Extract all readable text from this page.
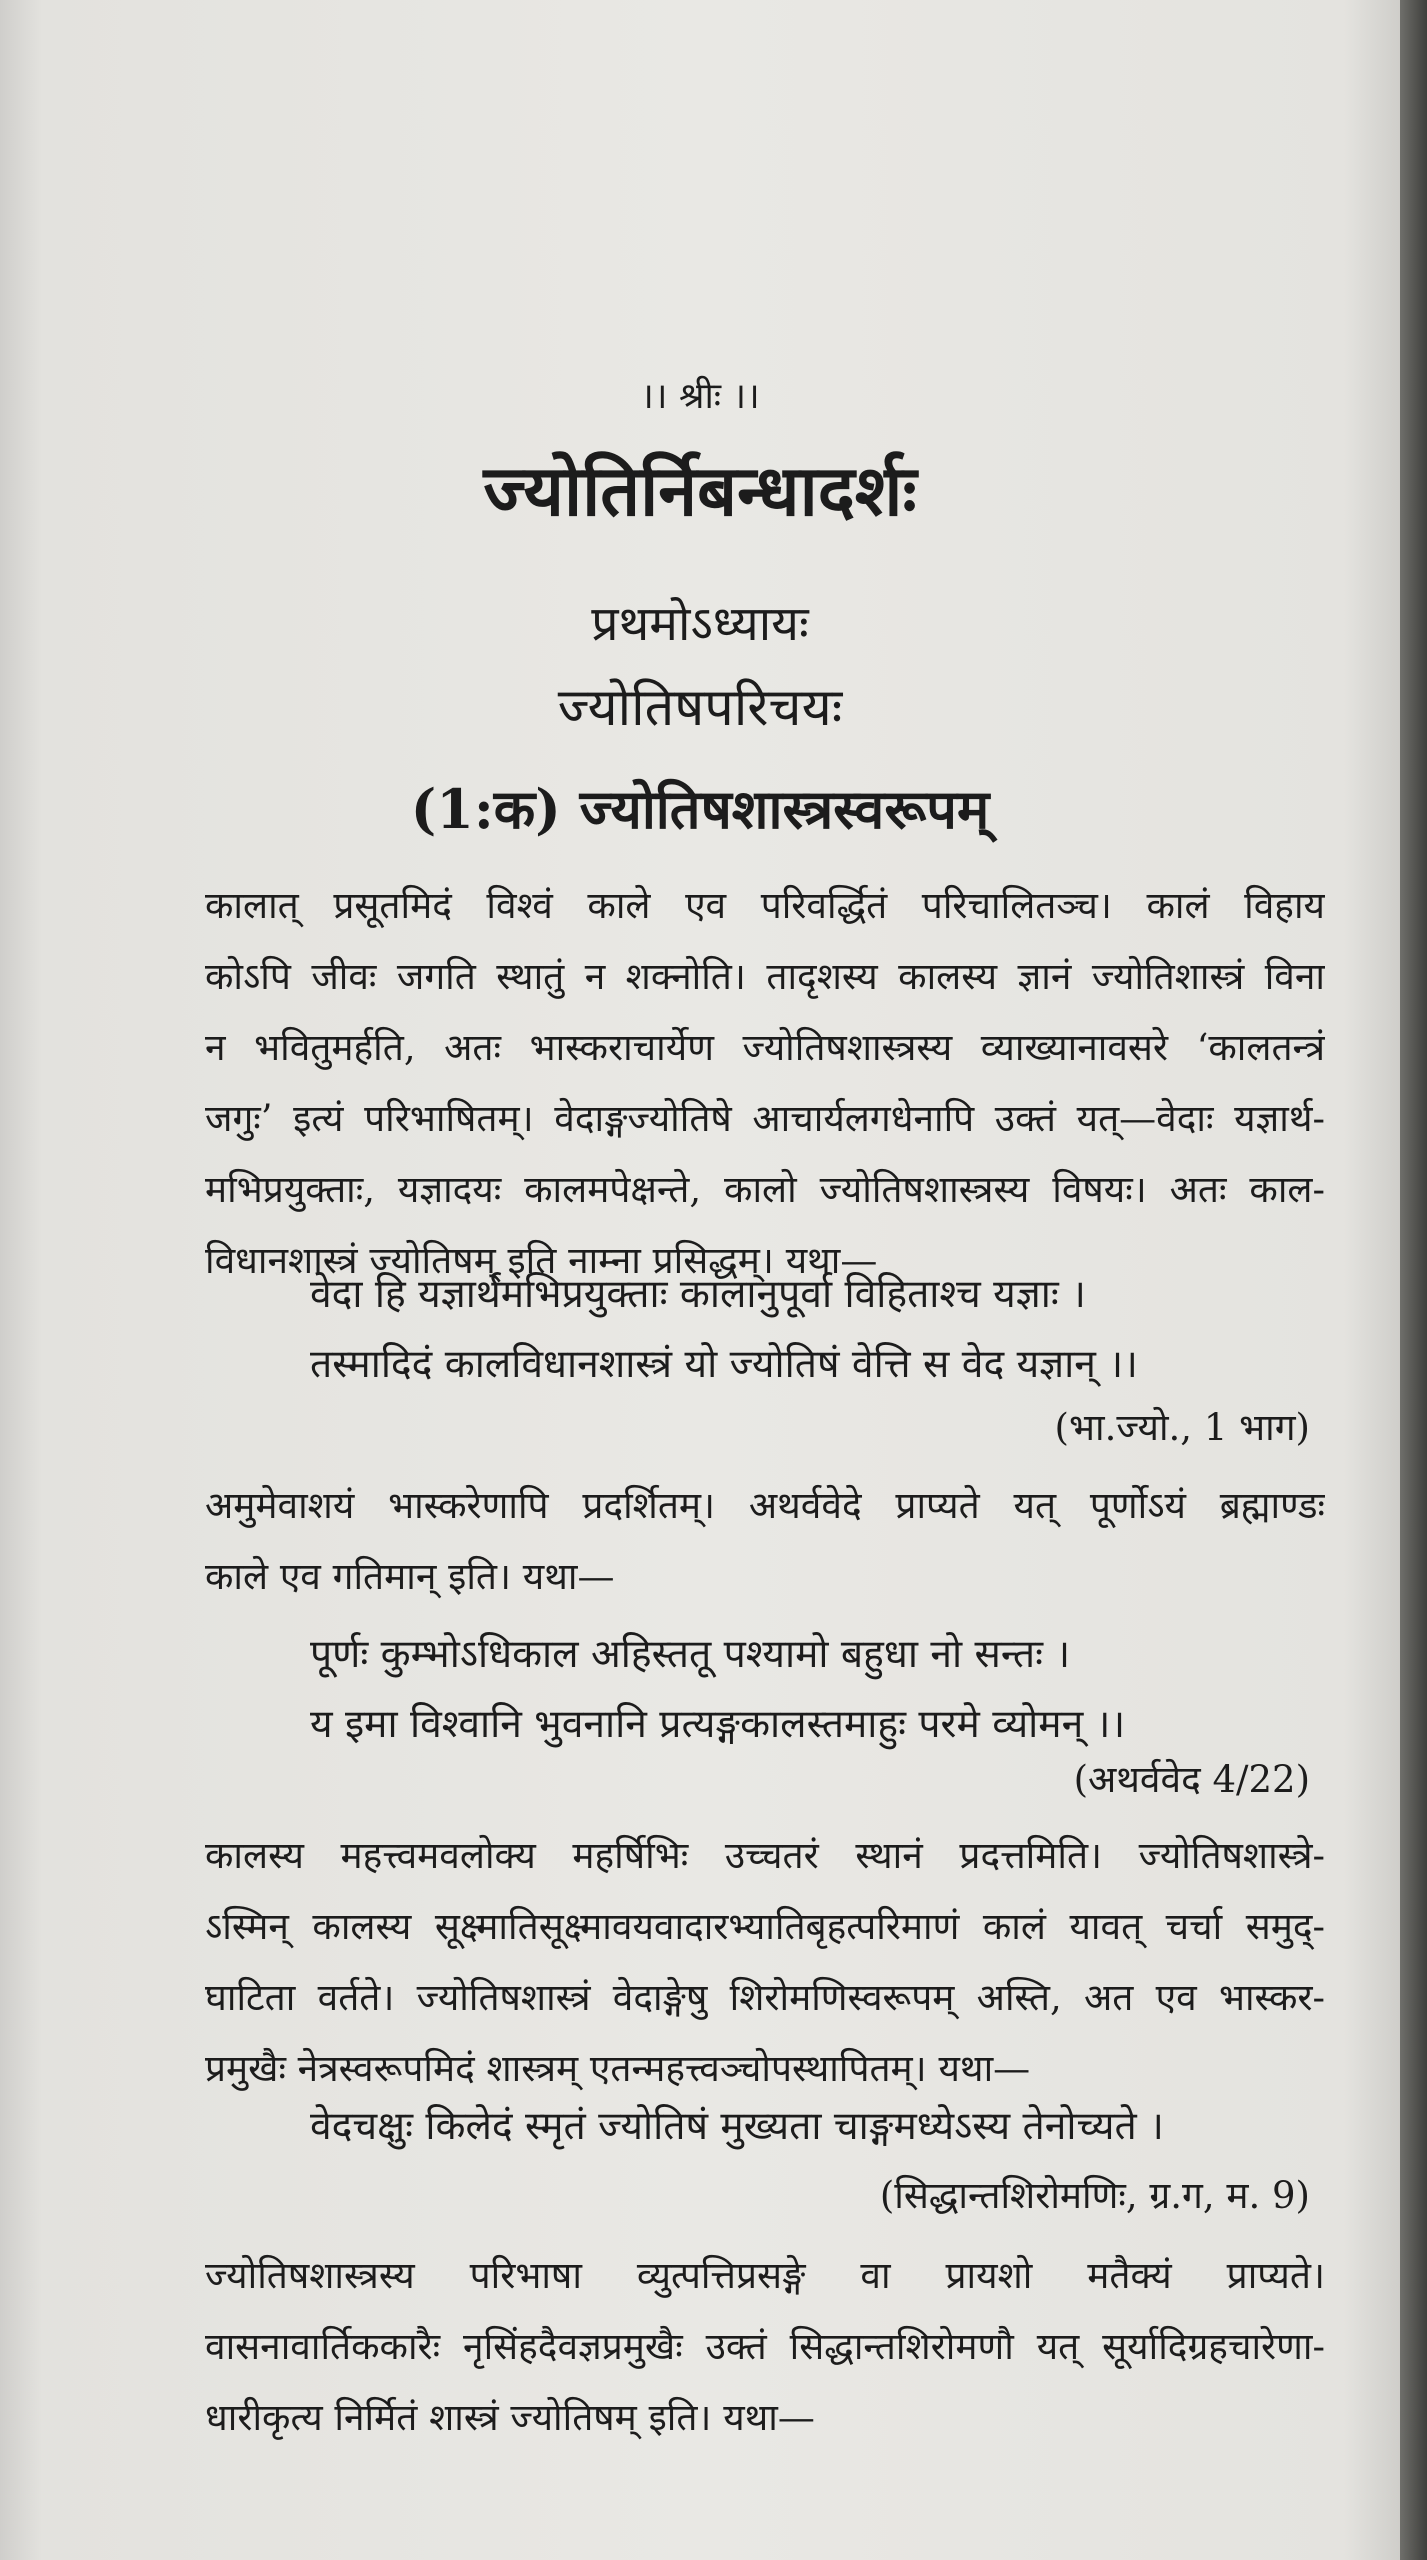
।। श्रीः ।।
ज्योतिर्निबन्धादर्शः
प्रथमोऽध्यायः
ज्योतिषपरिचयः
(1:क) ज्योतिषशास्त्रस्वरूपम्
कालात् प्रसूतमिदं विश्वं काले एव परिवर्द्धितं परिचालितञ्च। कालं विहाय
कोऽपि जीवः जगति स्थातुं न शक्नोति। तादृशस्य कालस्य ज्ञानं ज्योतिशास्त्रं विना
न भवितुमर्हति, अतः भास्कराचार्येण ज्योतिषशास्त्रस्य व्याख्यानावसरे ‘कालतन्त्रं
जगुः’ इत्यं परिभाषितम्। वेदाङ्गज्योतिषे आचार्यलगधेनापि उक्तं यत्—वेदाः यज्ञार्थ-
मभिप्रयुक्ताः, यज्ञादयः कालमपेक्षन्ते, कालो ज्योतिषशास्त्रस्य विषयः। अतः काल-
विधानशास्त्रं ज्योतिषम् इति नाम्ना प्रसिद्धम्। यथा—
वेदा हि यज्ञार्थमभिप्रयुक्ताः कालानुपूर्वा विहिताश्च यज्ञाः ।
तस्मादिदं कालविधानशास्त्रं यो ज्योतिषं वेत्ति स वेद यज्ञान् ।।
(भा.ज्यो., 1 भाग)
अमुमेवाशयं भास्करेणापि प्रदर्शितम्। अथर्ववेदे प्राप्यते यत् पूर्णोऽयं ब्रह्माण्डः
काले एव गतिमान् इति। यथा—
पूर्णः कुम्भोऽधिकाल अहिस्ततू पश्यामो बहुधा नो सन्तः ।
य इमा विश्वानि भुवनानि प्रत्यङ्गकालस्तमाहुः परमे व्योमन् ।।
(अथर्ववेद 4/22)
कालस्य महत्त्वमवलोक्य महर्षिभिः उच्चतरं स्थानं प्रदत्तमिति। ज्योतिषशास्त्रे-
ऽस्मिन् कालस्य सूक्ष्मातिसूक्ष्मावयवादारभ्यातिबृहत्परिमाणं कालं यावत् चर्चा समुद्-
घाटिता वर्तते। ज्योतिषशास्त्रं वेदाङ्गेषु शिरोमणिस्वरूपम् अस्ति, अत एव भास्कर-
प्रमुखैः नेत्रस्वरूपमिदं शास्त्रम् एतन्महत्त्वञ्चोपस्थापितम्। यथा—
वेदचक्षुः किलेदं स्मृतं ज्योतिषं मुख्यता चाङ्गमध्येऽस्य तेनोच्यते ।
(सिद्धान्तशिरोमणिः, ग्र.ग, म. 9)
ज्योतिषशास्त्रस्य परिभाषा व्युत्पत्तिप्रसङ्गे वा प्रायशो मतैक्यं प्राप्यते।
वासनावार्तिककारैः नृसिंहदैवज्ञप्रमुखैः उक्तं सिद्धान्तशिरोमणौ यत् सूर्यादिग्रहचारेणा-
धारीकृत्य निर्मितं शास्त्रं ज्योतिषम् इति। यथा—
